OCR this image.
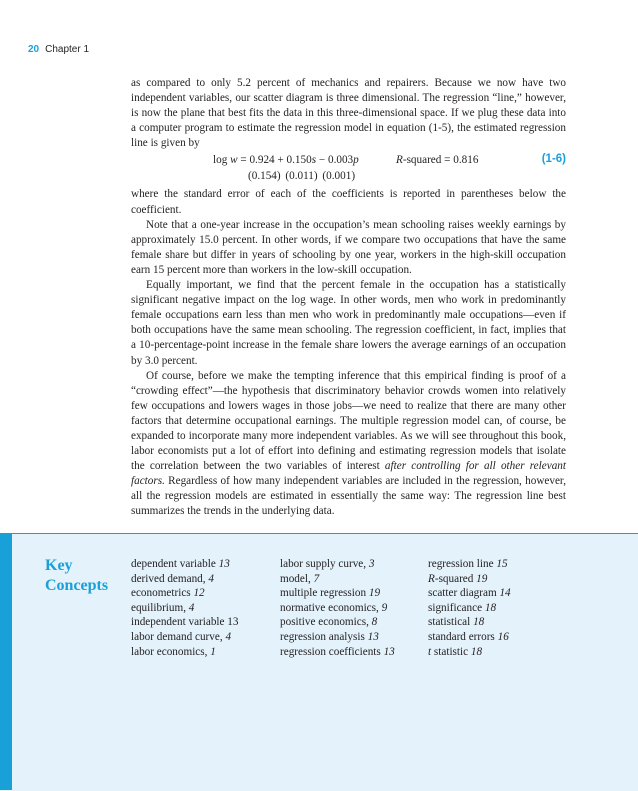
20 Chapter 1

as compared to only 5.2 percent of mechanics and repairers. Because we now have two independent variables, our scatter diagram is three dimensional. The regression “line,” however, is now the plane that best fits the data in this three-dimensional space. If we plug these data into a computer program to estimate the regression model in equation (1-5), the estimated regression line is given by

log w = 0.924 + 0.150s − 0.003p	R-squared = 0.816	(1-6)
(0.154) (0.011) (0.001)

where the standard error of each of the coefficients is reported in parentheses below the coefficient.

Note that a one-year increase in the occupation’s mean schooling raises weekly earnings by approximately 15.0 percent. In other words, if we compare two occupations that have the same female share but differ in years of schooling by one year, workers in the high-skill occupation earn 15 percent more than workers in the low-skill occupation.

Equally important, we find that the percent female in the occupation has a statistically significant negative impact on the log wage. In other words, men who work in predominantly female occupations earn less than men who work in predominantly male occupations—even if both occupations have the same mean schooling. The regression coefficient, in fact, implies that a 10-percentage-point increase in the female share lowers the average earnings of an occupation by 3.0 percent.

Of course, before we make the tempting inference that this empirical finding is proof of a “crowding effect”—the hypothesis that discriminatory behavior crowds women into relatively few occupations and lowers wages in those jobs—we need to realize that there are many other factors that determine occupational earnings. The multiple regression model can, of course, be expanded to incorporate many more independent variables. As we will see throughout this book, labor economists put a lot of effort into defining and estimating regression models that isolate the correlation between the two variables of interest after controlling for all other relevant factors. Regardless of how many independent variables are included in the regression, however, all the regression models are estimated in essentially the same way: The regression line best summarizes the trends in the underlying data.

Key
Concepts
dependent variable 13
derived demand, 4
econometrics 12
equilibrium, 4
independent variable 13
labor demand curve, 4
labor economics, 1
labor supply curve, 3
model, 7
multiple regression 19
normative economics, 9
positive economics, 8
regression analysis 13
regression coefficients 13
regression line 15
R-squared 19
scatter diagram 14
significance 18
statistical 18
standard errors 16
t statistic 18
